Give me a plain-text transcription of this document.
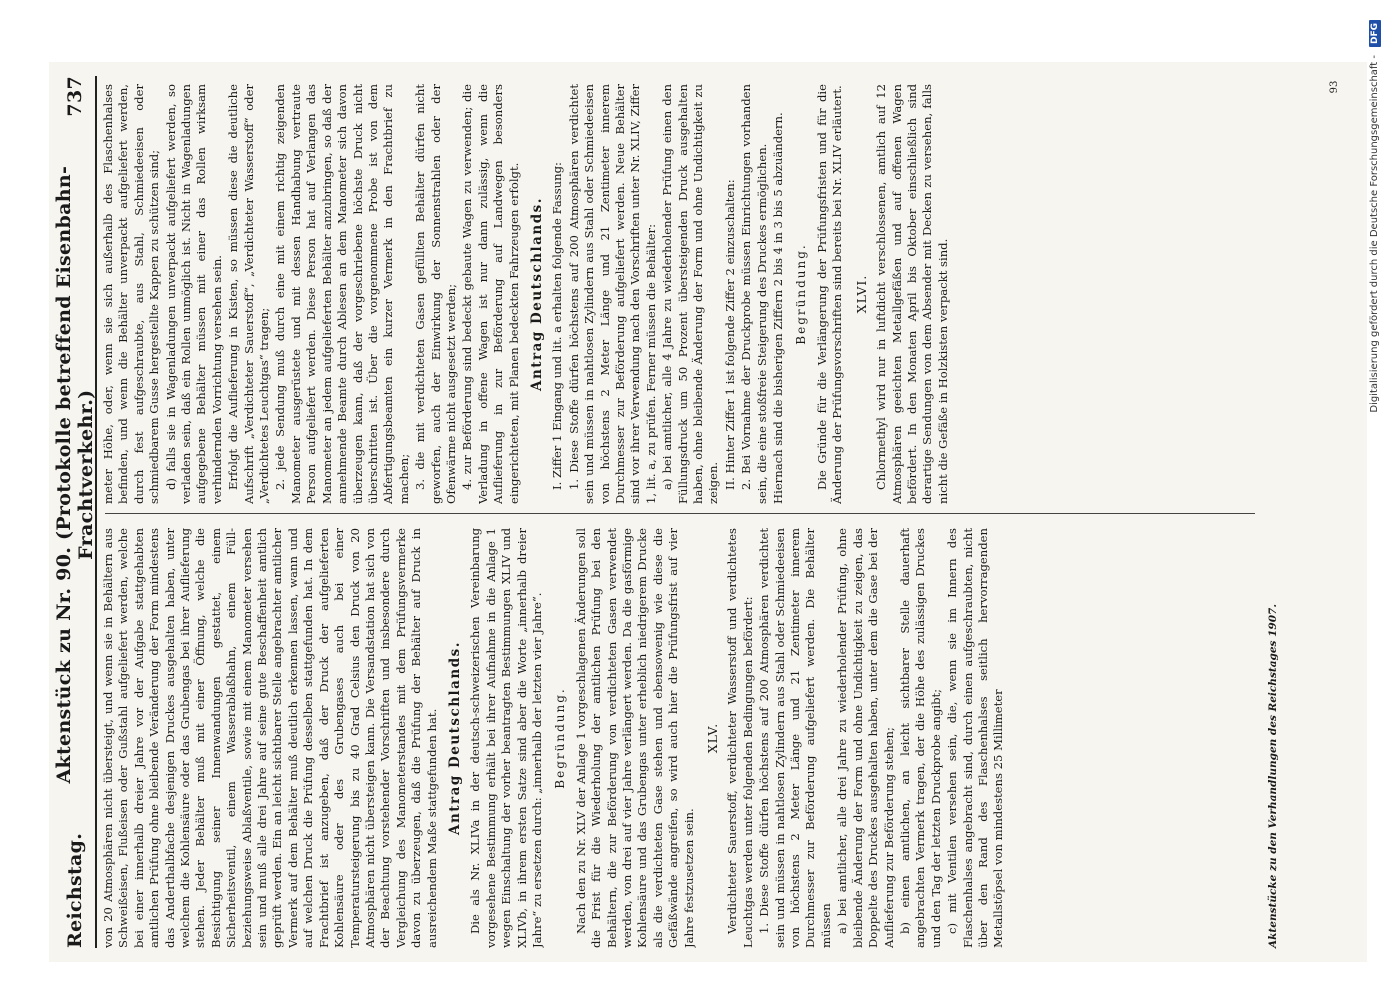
Reichstag.
Aktenstück zu Nr. 90. (Protokolle betreffend Eisenbahn-Frachtverkehr.)
737

von 20 Atmosphären nicht übersteigt, und wenn sie in Behältern aus Schweißeisen, Flußeisen oder Gußstahl aufgeliefert werden, welche bei einer innerhalb dreier Jahre vor der Aufgabe stattgehabten amtlichen Prüfung ohne bleibende Veränderung der Form mindestens das Anderthalbfache desjenigen Druckes ausgehalten haben, unter welchem die Kohlensäure oder das Grubengas bei ihrer Auflieferung stehen. Jeder Behälter muß mit einer Öffnung, welche die Besichtigung seiner Innenwandungen gestattet, einem Sicherheitsventil, einem Wasserablaßhahn, einem Füll- beziehungsweise Ablaßventile, sowie mit einem Manometer versehen sein und muß alle drei Jahre auf seine gute Beschaffenheit amtlich geprüft werden. Ein an leicht sichtbarer Stelle angebrachter amtlicher Vermerk auf dem Behälter muß deutlich erkennen lassen, wann und auf welchen Druck die Prüfung desselben stattgefunden hat. In dem Frachtbrief ist anzugeben, daß der Druck der aufgelieferten Kohlensäure oder des Grubengases auch bei einer Temperatursteigerung bis zu 40 Grad Celsius den Druck von 20 Atmosphären nicht übersteigen kann. Die Versandstation hat sich von der Beachtung vorstehender Vorschriften und insbesondere durch Vergleichung des Manometerstandes mit dem Prüfungsvermerke davon zu überzeugen, daß die Prüfung der Behälter auf Druck in ausreichendem Maße stattgefunden hat. Antrag Deutschlands. Die als Nr. XLIVa in der deutsch-schweizerischen Vereinbarung vorgesehene Bestimmung erhält bei ihrer Aufnahme in die Anlage 1 wegen Einschaltung der vorher beantragten Bestimmungen XLIV und XLIVb, in ihrem ersten Satze sind aber die Worte „innerhalb dreier Jahre“ zu ersetzen durch: „innerhalb der letzten vier Jahre“. Begründung. Nach den zu Nr. XLV der Anlage 1 vorgeschlagenen Änderungen soll die Frist für die Wiederholung der amtlichen Prüfung bei den Behältern, die zur Beförderung von verdichteten Gasen verwendet werden, von drei auf vier Jahre verlängert werden. Da die gasförmige Kohlensäure und das Grubengas unter erheblich niedrigerem Drucke als die verdichteten Gase stehen und ebensowenig wie diese die Gefäßwände angreifen, so wird auch hier die Prüfungsfrist auf vier Jahre festzusetzen sein.

XLV. Verdichteter Sauerstoff, verdichteter Wasserstoff und verdichtetes Leuchtgas werden unter folgenden Bedingungen befördert: 1. Diese Stoffe dürfen höchstens auf 200 Atmosphären verdichtet sein und müssen in nahtlosen Zylindern aus Stahl oder Schmiedeeisen von höchstens 2 Meter Länge und 21 Zentimeter innerem Durchmesser zur Beförderung aufgeliefert werden. Die Behälter müssen a) bei amtlicher, alle drei Jahre zu wiederholender Prüfung, ohne bleibende Änderung der Form und ohne Undichtigkeit zu zeigen, das Doppelte des Druckes ausgehalten haben, unter dem die Gase bei der Auflieferung zur Beförderung stehen; b) einen amtlichen, an leicht sichtbarer Stelle dauerhaft angebrachten Vermerk tragen, der die Höhe des zulässigen Druckes und den Tag der letzten Druckprobe angibt; c) mit Ventilen versehen sein, die, wenn sie im Innern des Flaschenhalses angebracht sind, durch einen aufgeschraubten, nicht über den Rand des Flaschenhalses seitlich hervorragenden Metallstöpsel von mindestens 25 Millimeter

meter Höhe, oder, wenn sie sich außerhalb des Flaschenhalses befinden, und wenn die Behälter unverpackt aufgeliefert werden, durch fest aufgeschraubte, aus Stahl, Schmiedeeisen oder schmiedbarem Gusse hergestellte Kappen zu schützen sind; d) falls sie in Wagenladungen unverpackt aufgeliefert werden, so verladen sein, daß ein Rollen unmöglich ist. Nicht in Wagenladungen aufgegebene Behälter müssen mit einer das Rollen wirksam verhindernden Vorrichtung versehen sein. Erfolgt die Auflieferung in Kisten, so müssen diese die deutliche Aufschrift „Verdichteter Sauerstoff“, „Verdichteter Wasserstoff“ oder „Verdichtetes Leuchtgas“ tragen; 2. jede Sendung muß durch eine mit einem richtig zeigenden Manometer ausgerüstete und mit dessen Handhabung vertraute Person aufgeliefert werden. Diese Person hat auf Verlangen das Manometer an jedem aufgelieferten Behälter anzubringen, so daß der annehmende Beamte durch Ablesen an dem Manometer sich davon überzeugen kann, daß der vorgeschriebene höchste Druck nicht überschritten ist. Über die vorgenommene Probe ist von dem Abfertigungsbeamten ein kurzer Vermerk in den Frachtbrief zu machen; 3. die mit verdichteten Gasen gefüllten Behälter dürfen nicht geworfen, auch der Einwirkung der Sonnenstrahlen oder der Ofenwärme nicht ausgesetzt werden; 4. zur Beförderung sind bedeckt gebaute Wagen zu verwenden; die Verladung in offene Wagen ist nur dann zulässig, wenn die Auflieferung in zur Beförderung auf Landwegen besonders eingerichteten, mit Planen bedeckten Fahrzeugen erfolgt. Antrag Deutschlands. I. Ziffer 1 Eingang und lit. a erhalten folgende Fassung: 1. Diese Stoffe dürfen höchstens auf 200 Atmosphären verdichtet sein und müssen in nahtlosen Zylindern aus Stahl oder Schmiedeeisen von höchstens 2 Meter Länge und 21 Zentimeter innerem Durchmesser zur Beförderung aufgeliefert werden. Neue Behälter sind vor ihrer Verwendung nach den Vorschriften unter Nr. XLIV, Ziffer 1, lit. a, zu prüfen. Ferner müssen die Behälter: a) bei amtlicher, alle 4 Jahre zu wiederholender Prüfung einen den Füllungsdruck um 50 Prozent übersteigenden Druck ausgehalten haben, ohne bleibende Änderung der Form und ohne Undichtigkeit zu zeigen. II. Hinter Ziffer 1 ist folgende Ziffer 2 einzuschalten: 2. Bei Vornahme der Druckprobe müssen Einrichtungen vorhanden sein, die eine stoßfreie Steigerung des Druckes ermöglichen. Hiernach sind die bisherigen Ziffern 2 bis 4 in 3 bis 5 abzuändern. Begründung. Die Gründe für die Verlängerung der Prüfungsfristen und für die Änderung der Prüfungsvorschriften sind bereits bei Nr. XLIV erläutert. XLVI. Chlormethyl wird nur in luftdicht verschlossenen, amtlich auf 12 Atmosphären geeichten Metallgefäßen und auf offenen Wagen befördert. In den Monaten April bis Oktober einschließlich sind derartige Sendungen von dem Absender mit Decken zu versehen, falls nicht die Gefäße in Holzkisten verpackt sind.

Aktenstücke zu den Verhandlungen des Reichstages 1907.
93	Digitalisierung gefördert durch die Deutsche Forschungsgemeinschaft -
DFG
